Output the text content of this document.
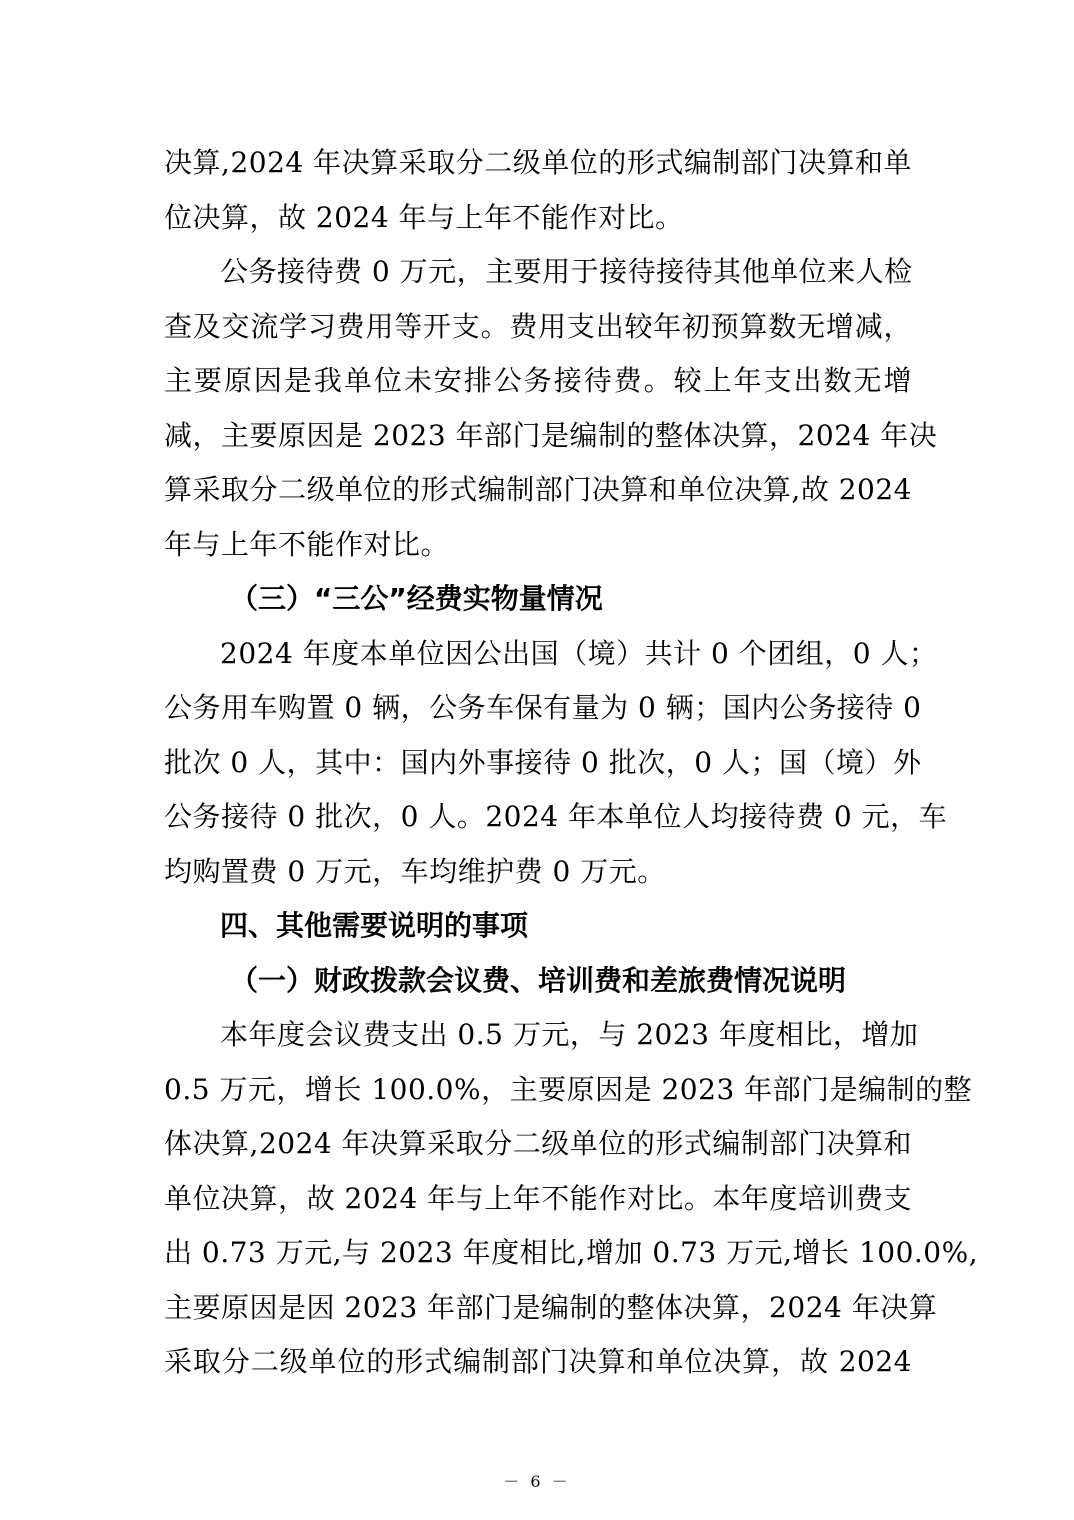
决算,2024 年决算采取分二级单位的形式编制部门决算和单
位决算，故 2024 年与上年不能作对比。
公务接待费 0 万元，主要用于接待接待其他单位来人检
查及交流学习费用等开支。费用支出较年初预算数无增减，
主要原因是我单位未安排公务接待费。较上年支出数无增
减，主要原因是 2023 年部门是编制的整体决算，2024 年决
算采取分二级单位的形式编制部门决算和单位决算,故 2024
年与上年不能作对比。
（三）“三公”经费实物量情况
2024 年度本单位因公出国（境）共计 0 个团组，0 人；
公务用车购置 0 辆，公务车保有量为 0 辆；国内公务接待 0
批次 0 人，其中：国内外事接待 0 批次，0 人；国（境）外
公务接待 0 批次，0 人。2024 年本单位人均接待费 0 元，车
均购置费 0 万元，车均维护费 0 万元。
四、其他需要说明的事项
（一）财政拨款会议费、培训费和差旅费情况说明
本年度会议费支出 0.5 万元，与 2023 年度相比，增加
0.5 万元，增长 100.0%，主要原因是 2023 年部门是编制的整
体决算,2024 年决算采取分二级单位的形式编制部门决算和
单位决算，故 2024 年与上年不能作对比。本年度培训费支
出 0.73 万元,与 2023 年度相比,增加 0.73 万元,增长 100.0%,
主要原因是因 2023 年部门是编制的整体决算，2024 年决算
采取分二级单位的形式编制部门决算和单位决算，故 2024
－ 6 －
